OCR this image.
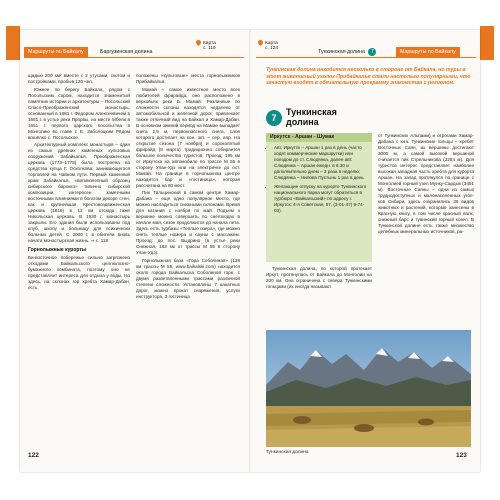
Маршруты по Байкалу	Баргузинская долина
Карта
с. 119

щадью 200 км² вместе с 2 утусами, скотом и постройками, пробыв 120 чел.

Южнее по берегу Байкала, рядом с Посольским сором, находится знаменитый памятник истории и архитектуры – Посольский Спасо-Преображенский монастырь, основанный в 1681 г. Федором Алексеевичем в 1681 г. в устье реки Прорвы, на месте гибели в 1651 г. первого царского посольства в Монголию во главе с Е. Заболоцким Рёдом вошёлко с. Посольское.

Архитектурный комплекс монастыря – один из самых древних каменных культовых сооружений Забайкалья. Преображенская церковь (1773–1778) была построена на средства купца Г. Осколкова, занимающегося торговлей на Чайном пути. Первый каменный храм Забайкалья, «великолепный образец сибирского барокко» типично сибирской композиции, интересен заметными восточными влияниями в богатом декоре стен, как и крупнейшая Крестовоздвиженская церковь (1819) в 12 км отсюда таже Никольская церковь. В 1930 г. монастырь закрыли. Его здания были использованы под клуб, школу и больницу для психически больных детей. С 2000 г. в обители вновь начата монастырская жизнь. ⇒ с. 118

Горнолыжные курорты

Би-восточное побережье сильно загрязнено отходами Байкальского целлюлозно-бумажного комбината, поэтому оно не представляет интереса для отдыха у воды. Но здесь, на склонах гор хребта Хамар-Дабан, есть

положены «культовые» места горнолыжников Прибайкалья.

Мамай – самое известное место всех любителей фрирайда, оно расположено в верховьях реки Б. Мамай. Различные по сложности склоны находятся недалеко от автомобильной и железной дорог, привлекает также отличный вид на Байкал и Хамар-Дабан. В основном зимний период на Мамае выпадает снега 2,5 м, первоклассного снега, слоя которого достигает на кон. окт. – сер. апр. На открытие сезона (7 ноября) и сорокопятый фрирайд (8 марта) традиционно собирается большое количество туристов. Проезд: 195 км от Иркутска на автомобиле по трассе М 55 в сторону Улан-Удэ или на электричке до ост. Мамай. На границе в горнолыжном центре находится бар и «гостиница», которая рассчитана на 80 мест.

Пик Тальцинский в самом центре Хамар-Дабана – еще одно популярное место, где можно насладиться снежными склонами. Время для катания с ноября по май. Подъем к вершине можно совершить по снегоходах в начале мая, сезон продолжится до начала лета. Здесь есть турбазы «Теплые озера», где можно снять теплые номера и сауны с массажем. Проезд: до пос. Выдрино (в устье реки Снежная, 183 км от трассы М 55 в сторону Улан-Удэ).

Горнолыжная база «Гора Соболиная» (138 км трассы М 55, www.baikalski.com) находится около города Байкальска Соболиной горе, с двумя разветвленными трассами различной степени сложности. Установлены 7 канатных дорог, можно прокат снаряжения, услуги инструктора, 3 гостиница.

122
Карта
с. 124
Тункинская долина 7	Маршруты по Байкалу
Тункинская долина находится несколько в стороне от Байкала, но туры в этот живописный уголок Прибайкалья стали настолько популярными, что зачастую входят в обязательную программу знакомства с регионом.
7
Тункинская долина
Иркутск - Аршан - Шумак
• Авт. Иркутск – Аршан 1 раз в день (часто ходят коммерческие маршрутки) или поездом до ст. Слюдянка, далее авт. Слюдянка – Аршан ежедн. в 8.30 и дополнительно днем – 3 раза в неделю; Слюдянка – Нилова Пустынь 1 раз в день
• Желающие отпуску на курорте Тункинского национального парка могут обратиться в турбюро «Байкальский» по адресу г. Иркутск: 4-я Советская, 57, (3-01-47) 9-74-03).

от Тункинских Альпами) и отрогами Хамар-Дабана с юга. Тункинские гольцы – хребет Восточных Саян, их вершины достигают 3000 м, а самой высокой вершиной считается пик Стрельникова (3284 м). Для туристов интерес представляет наиболее высокая западная часть хребта для курорта Аршан. На запад протянулся по границе с Монголией горный узел Мунку-Сардык (3491 м). Восточные Саяны – одни из самых труднодоступных и малонаселенных угол-ков Сибири, здесь сохранились 36 видов животных и растений, которые занесены в Красную книгу, в том числе красный волк, снежный барс и тувинский горный козел. В Тункинской долине есть также множество целебных минеральных источников, ра-

Тункинская долина, по которой протекает Иркут, протянулась от Байкала до Монголии на 200 км. Она ограничена с севера Тункинскими гольцами (их иногда называют

Тункинская долина	123
